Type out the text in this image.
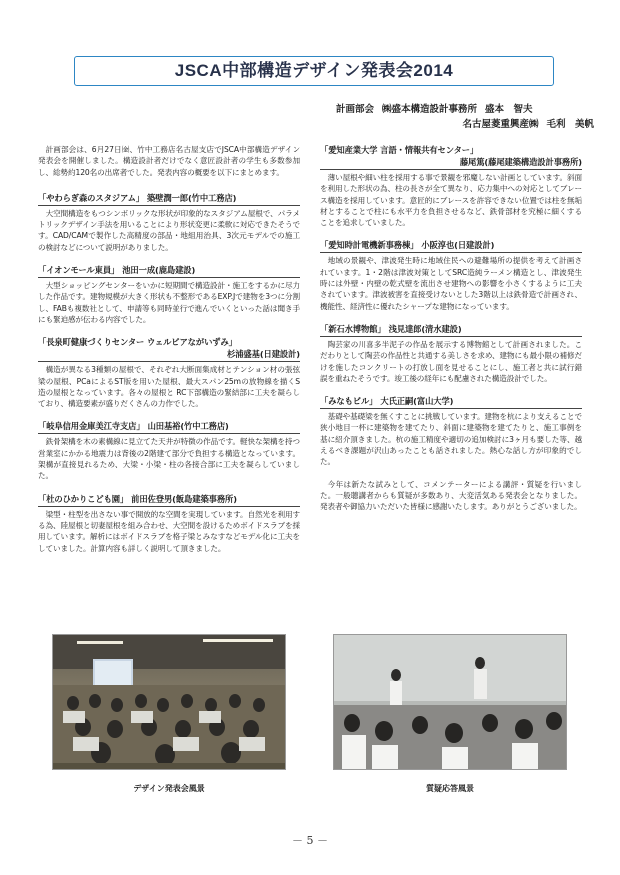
JSCA中部構造デザイン発表会2014
計画部会 ㈱盛本構造設計事務所 盛本　智夫
名古屋菱重興産㈱ 毛利　美帆

計画部会は、6月27日㈮、竹中工務店名古屋支店でJSCA中部構造デザイン発表会を開催しました。構造設計者だけでなく意匠設計者の学生も多数参加し、総勢約120名の出席者でした。発表内容の概要を以下にまとめます。

「やわらぎ森のスタジアム」 築壁潤一郎(竹中工務店)
大空間構造をもつシンボリックな形状が印象的なスタジアム屋根で、パラメトリックデザイン手法を用いることにより形状変更に柔軟に対応できたそうです。CAD/CAMで製作した高精度の部品・地組用治具、3次元モデルでの施工の検討などについて説明がありました。
「イオンモール東員」 池田一成(鹿島建設)
大型ショッピングセンターをいかに短期間で構造設計・施工をするかに尽力した作品です。建物規模が大きく形状も不整形であるEXP.Jで建物を3つに分割し、FABも複数社として、申請等も同時並行で進んでいくといった話は聞き手にも緊迫感が伝わる内容でした。
「長泉町健康づくりセンター ウェルピアながいずみ」
杉浦盛基(日建設計)
構造が異なる3種類の屋根で、それぞれ大断面集成材とテンション材の張弦梁の屋根、PCaによるST版を用いた屋根、最大スパン25mの放物線を描くS造の屋根となっています。各々の屋根と RC下部構造の緊結部に工夫を凝らしており、構造要素が盛りだくさんの力作でした。
「岐阜信用金庫美江寺支店」 山田基裕(竹中工務店)
鉄骨架構を木の素構線に見立てた天井が特徴の作品です。軽快な架構を持つ営業室にかかる地震力は背後の2階建て部分で負担する構造となっています。架構が直接見れるため、大梁・小梁・柱の各接合部に工夫を凝らしていました。
「杜のひかりこども園」 前田佐登男(飯島建築事務所)
梁型・柱型を出さない事で開放的な空間を実現しています。自然光を利用する為、陸屋根と切妻屋根を組み合わせ、大空間を設けるためボイドスラブを採用しています。解析にはボイドスラブを格子梁とみなすなどモデル化に工夫をしていました。計算内容も詳しく説明して頂きました。
「愛知産業大学 言語・情報共有センター」
藤尾篤(藤尾建築構造設計事務所)
薄い屋根や細い柱を採用する事で景観を邪魔しない計画としています。斜面を利用した形状の為、柱の長さが全て異なり、応力集中への対応としてブレース構造を採用しています。意匠的にブレースを許容できない位置では柱を無垢材とすることで柱にも水平力を負担させるなど、鉄骨部材を究極に細くすることを追求していました。
「愛知時計電機新事務棟」 小阪淳也(日建設計)
地域の景観や、津波発生時に地域住民への避難場所の提供を考えて計画されています。1・2階は津波対策としてSRC造純ラーメン構造とし、津波発生時には外壁・内壁の乾式壁を流出させ建物への影響を小さくするように工夫されています。津波被害を直接受けないとした3階以上は鉄骨造で計画され、機能性、経済性に優れたシャープな建物になっています。
「新石水博物館」 浅見達郎(清水建設)
陶芸家の川喜多半泥子の作品を展示する博物館として計画されました。こだわりとして陶芸の作品性と共通する美しさを求め、建物にも最小限の補修だけを施したコンクリートの打放し面を見せることにし、施工者と共に試行錯誤を重ねたそうです。竣工後の経年にも配慮された構造設計でした。
「みなもビル」 大氏正嗣(富山大学)
基礎や基礎梁を無くすことに挑戦しています。建物を杭により支えることで狭小地目一杯に建築物を建てたり、斜面に建築物を建てたりと、施工事例を基に紹介頂きました。杭の施工精度や適切の追加検討に3ヶ月も要した等、越えるべき課題が沢山あったことも話されました。熱心な話し方が印象的でした。

今年は新たな試みとして、コメンテーターによる講評・質疑を行いました。一般聴講者からも質疑が多数あり、大変活気ある発表会となりました。発表者や御協力いただいた皆様に感謝いたします。ありがとうございました。

デザイン発表会風景	質疑応答風景
－ 5 －
